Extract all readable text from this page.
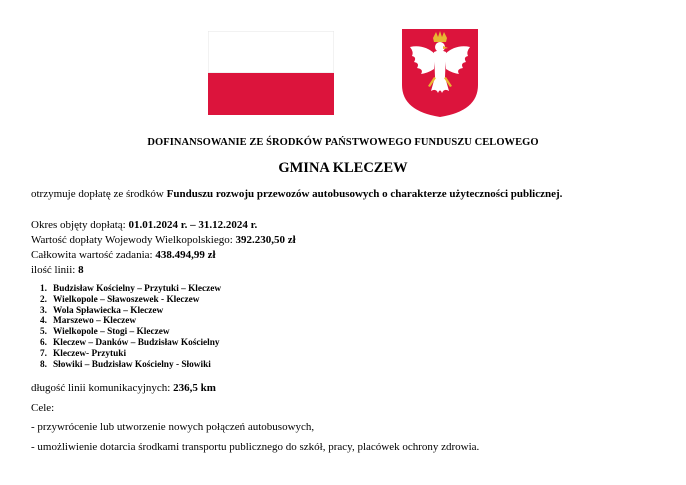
DOFINANSOWANIE ZE ŚRODKÓW PAŃSTWOWEGO FUNDUSZU CELOWEGO
GMINA KLECZEW
otrzymuje dopłatę ze środków Funduszu rozwoju przewozów autobusowych o charakterze użyteczności publicznej.
Okres objęty dopłatą: 01.01.2024 r. – 31.12.2024 r.
Wartość dopłaty Wojewody Wielkopolskiego: 392.230,50 zł
Całkowita wartość zadania: 438.494,99 zł
ilość linii: 8
1. Budzisław Kościelny – Przytuki – Kleczew
2. Wielkopole – Sławoszewek - Kleczew
3. Wola Spławiecka – Kleczew
4. Marszewo – Kleczew
5. Wielkopole – Stogi – Kleczew
6. Kleczew – Danków – Budzisław Kościelny
7. Kleczew- Przytuki
8. Słowiki – Budzisław Kościelny - Słowiki
długość linii komunikacyjnych: 236,5 km
Cele:
- przywrócenie lub utworzenie nowych połączeń autobusowych,
- umożliwienie dotarcia środkami transportu publicznego do szkół, pracy, placówek ochrony zdrowia.
